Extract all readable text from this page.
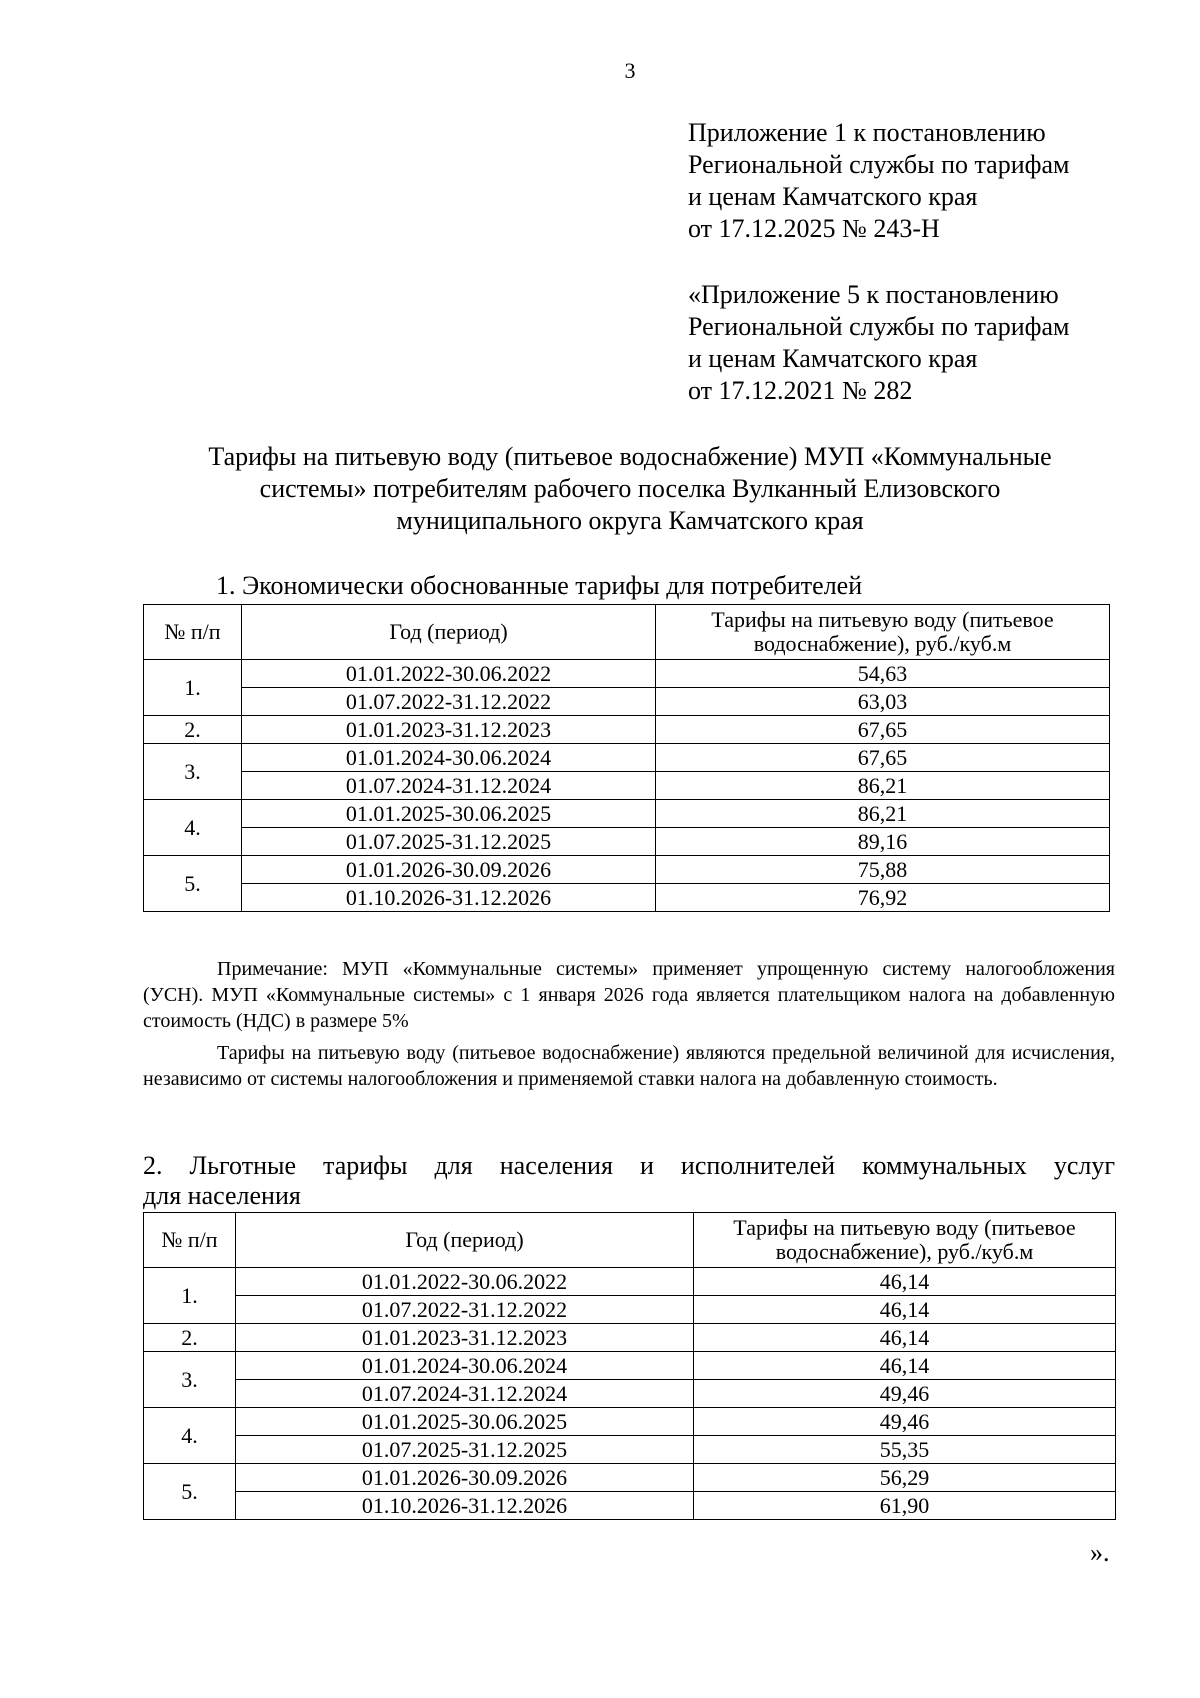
3
Приложение 1 к постановлению
Региональной службы по тарифам
и ценам Камчатского края
от 17.12.2025 № 243-Н
«Приложение 5 к постановлению
Региональной службы по тарифам
и ценам Камчатского края
от 17.12.2021 № 282
Тарифы на питьевую воду (питьевое водоснабжение) МУП «Коммунальные
системы» потребителям рабочего поселка Вулканный Елизовского
муниципального округа Камчатского края
1. Экономически обоснованные тарифы для потребителей
№ п/п	Год (период)	Тарифы на питьевую воду (питьевое
водоснабжение), руб./куб.м

1.	01.01.2022-30.06.2022	54,63
	01.07.2022-31.12.2022	63,03
2.	01.01.2023-31.12.2023	67,65
3.	01.01.2024-30.06.2024	67,65
	01.07.2024-31.12.2024	86,21
4.	01.01.2025-30.06.2025	86,21
	01.07.2025-31.12.2025	89,16
5.	01.01.2026-30.09.2026	75,88
	01.10.2026-31.12.2026	76,92
Примечание: МУП «Коммунальные системы» применяет упрощенную систему налогообложения (УСН). МУП «Коммунальные системы» с 1 января 2026 года является плательщиком налога на добавленную стоимость (НДС) в размере 5%
Тарифы на питьевую воду (питьевое водоснабжение) являются предельной величиной для исчисления, независимо от системы налогообложения и применяемой ставки налога на добавленную стоимость.
2. Льготные тарифы для населения и исполнителей коммунальных услуг
для населения
№ п/п	Год (период)	Тарифы на питьевую воду (питьевое
водоснабжение), руб./куб.м

1.	01.01.2022-30.06.2022	46,14
	01.07.2022-31.12.2022	46,14
2.	01.01.2023-31.12.2023	46,14
3.	01.01.2024-30.06.2024	46,14
	01.07.2024-31.12.2024	49,46
4.	01.01.2025-30.06.2025	49,46
	01.07.2025-31.12.2025	55,35
5.	01.01.2026-30.09.2026	56,29
	01.10.2026-31.12.2026	61,90
».
